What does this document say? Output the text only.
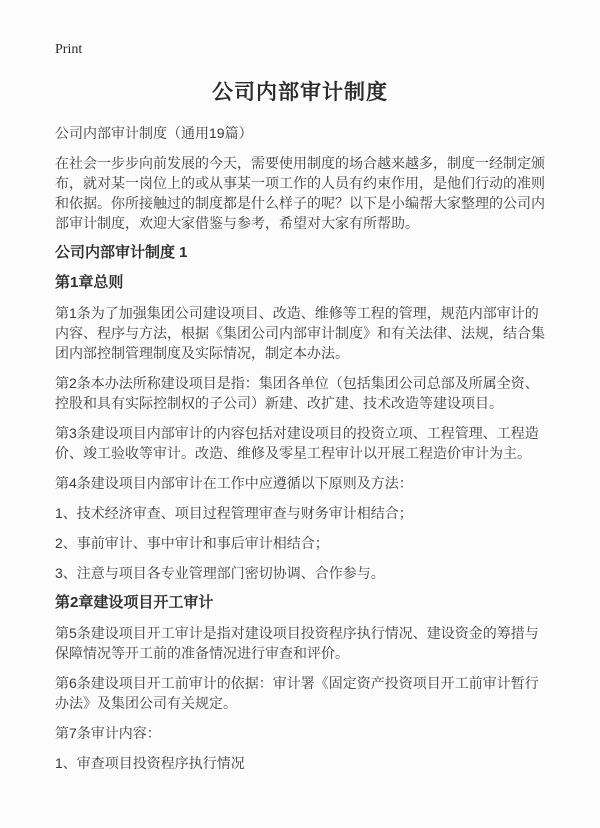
Print
公司内部审计制度

公司内部审计制度（通用19篇）

在社会一步步向前发展的今天，需要使用制度的场合越来越多，制度一经制定颁布，就对某一岗位上的或从事某一项工作的人员有约束作用，是他们行动的准则和依据。你所接触过的制度都是什么样子的呢？以下是小编帮大家整理的公司内部审计制度，欢迎大家借鉴与参考，希望对大家有所帮助。

公司内部审计制度 1
第1章总则

第1条为了加强集团公司建设项目、改造、维修等工程的管理，规范内部审计的内容、程序与方法，根据《集团公司内部审计制度》和有关法律、法规，结合集团内部控制管理制度及实际情况，制定本办法。

第2条本办法所称建设项目是指：集团各单位（包括集团公司总部及所属全资、控股和具有实际控制权的子公司）新建、改扩建、技术改造等建设项目。

第3条建设项目内部审计的内容包括对建设项目的投资立项、工程管理、工程造价、竣工验收等审计。改造、维修及零星工程审计以开展工程造价审计为主。

第4条建设项目内部审计在工作中应遵循以下原则及方法：

1、技术经济审查、项目过程管理审查与财务审计相结合；

2、事前审计、事中审计和事后审计相结合；

3、注意与项目各专业管理部门密切协调、合作参与。

第2章建设项目开工审计

第5条建设项目开工审计是指对建设项目投资程序执行情况、建设资金的筹措与保障情况等开工前的准备情况进行审查和评价。

第6条建设项目开工前审计的依据：审计署《固定资产投资项目开工前审计暂行办法》及集团公司有关规定。

第7条审计内容：

1、审查项目投资程序执行情况
